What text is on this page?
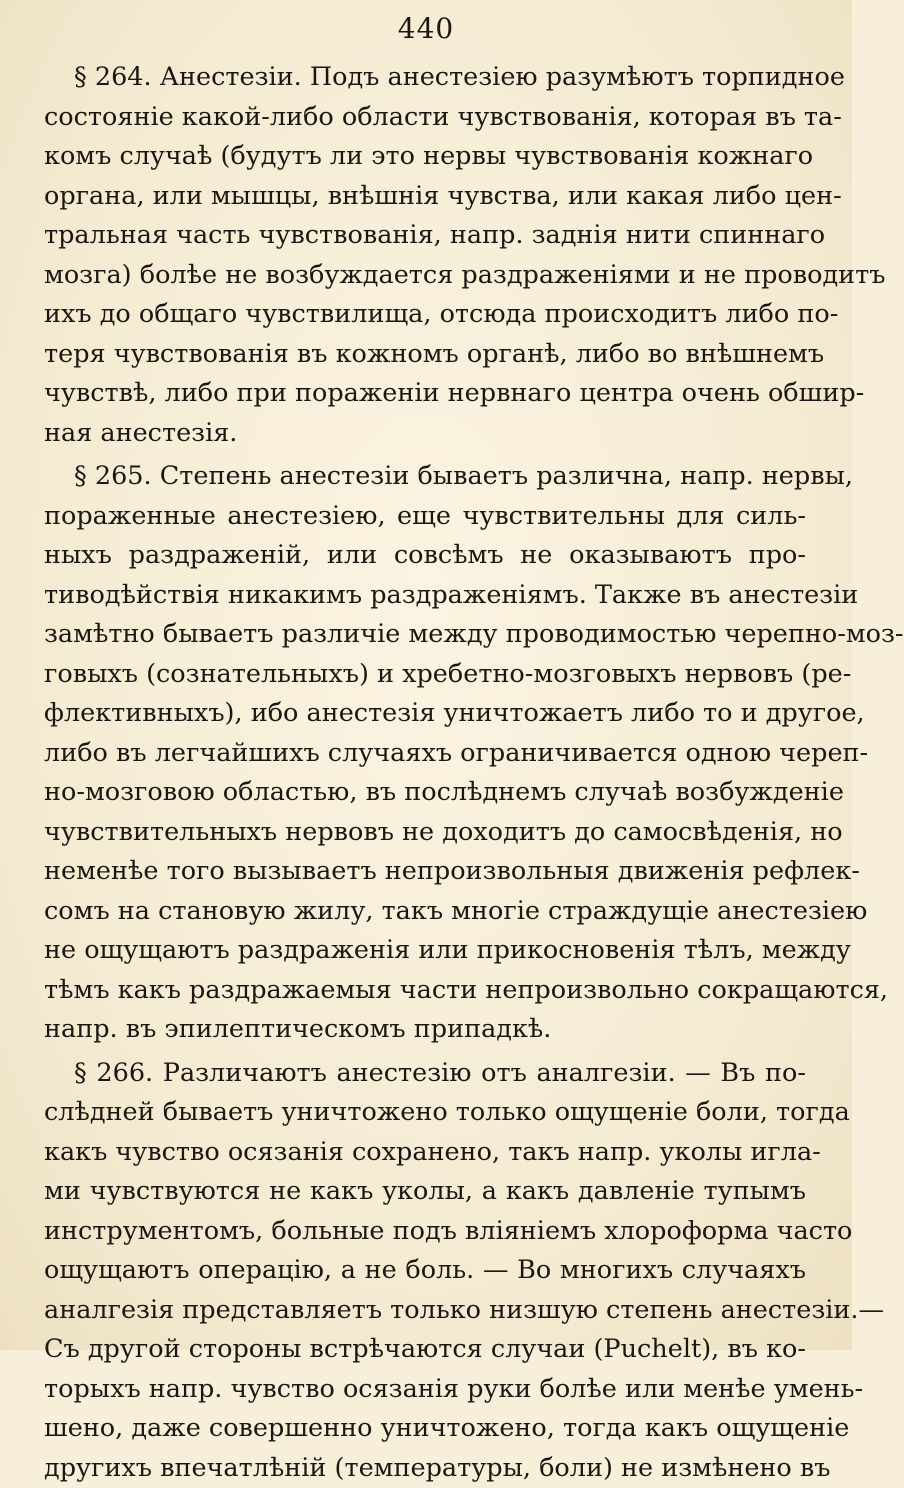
440
§ 264. Анестезіи. Подъ анестезіею разумѣютъ торпидное
состояніе какой-либо области чувствованія, которая въ та-
комъ случаѣ (будутъ ли это нервы чувствованія кожнаго
органа, или мышцы, внѣшнія чувства, или какая либо цен-
тральная часть чувствованія, напр. заднія нити спиннаго
мозга) болѣе не возбуждается раздраженіями и не проводитъ
ихъ до общаго чувствилища, отсюда происходитъ либо по-
теря чувствованія въ кожномъ органѣ, либо во внѣшнемъ
чувствѣ, либо при пораженіи нервнаго центра очень обшир-
ная анестезія.
§ 265. Степень анестезіи бываетъ различна, напр. нервы,
пораженные анестезіею, еще чувствительны для силь-
ныхъ раздраженій, или совсѣмъ не оказываютъ про-
тиводѣйствія никакимъ раздраженіямъ. Также въ анестезіи
замѣтно бываетъ различіе между проводимостью черепно-моз-
говыхъ (сознательныхъ) и хребетно-мозговыхъ нервовъ (ре-
флективныхъ), ибо анестезія уничтожаетъ либо то и другое,
либо въ легчайшихъ случаяхъ ограничивается одною череп-
но-мозговою областью, въ послѣднемъ случаѣ возбужденіе
чувствительныхъ нервовъ не доходитъ до самосвѣденія, но
неменѣе того вызываетъ непроизвольныя движенія рефлек-
сомъ на становую жилу, такъ многіе страждущіе анестезіею
не ощущаютъ раздраженія или прикосновенія тѣлъ, между
тѣмъ какъ раздражаемыя части непроизвольно сокращаются,
напр. въ эпилептическомъ припадкѣ.
§ 266. Различаютъ анестезію отъ аналгезіи. — Въ по-
слѣдней бываетъ уничтожено только ощущеніе боли, тогда
какъ чувство осязанія сохранено, такъ напр. уколы игла-
ми чувствуются не какъ уколы, а какъ давленіе тупымъ
инструментомъ, больные подъ вліяніемъ хлороформа часто
ощущаютъ операцію, а не боль. — Во многихъ случаяхъ
аналгезія представляетъ только низшую степень анестезіи.—
Съ другой стороны встрѣчаются случаи (Puchelt), въ ко-
торыхъ напр. чувство осязанія руки болѣе или менѣе умень-
шено, даже совершенно уничтожено, тогда какъ ощущеніе
другихъ впечатлѣній (температуры, боли) не измѣнено въ
